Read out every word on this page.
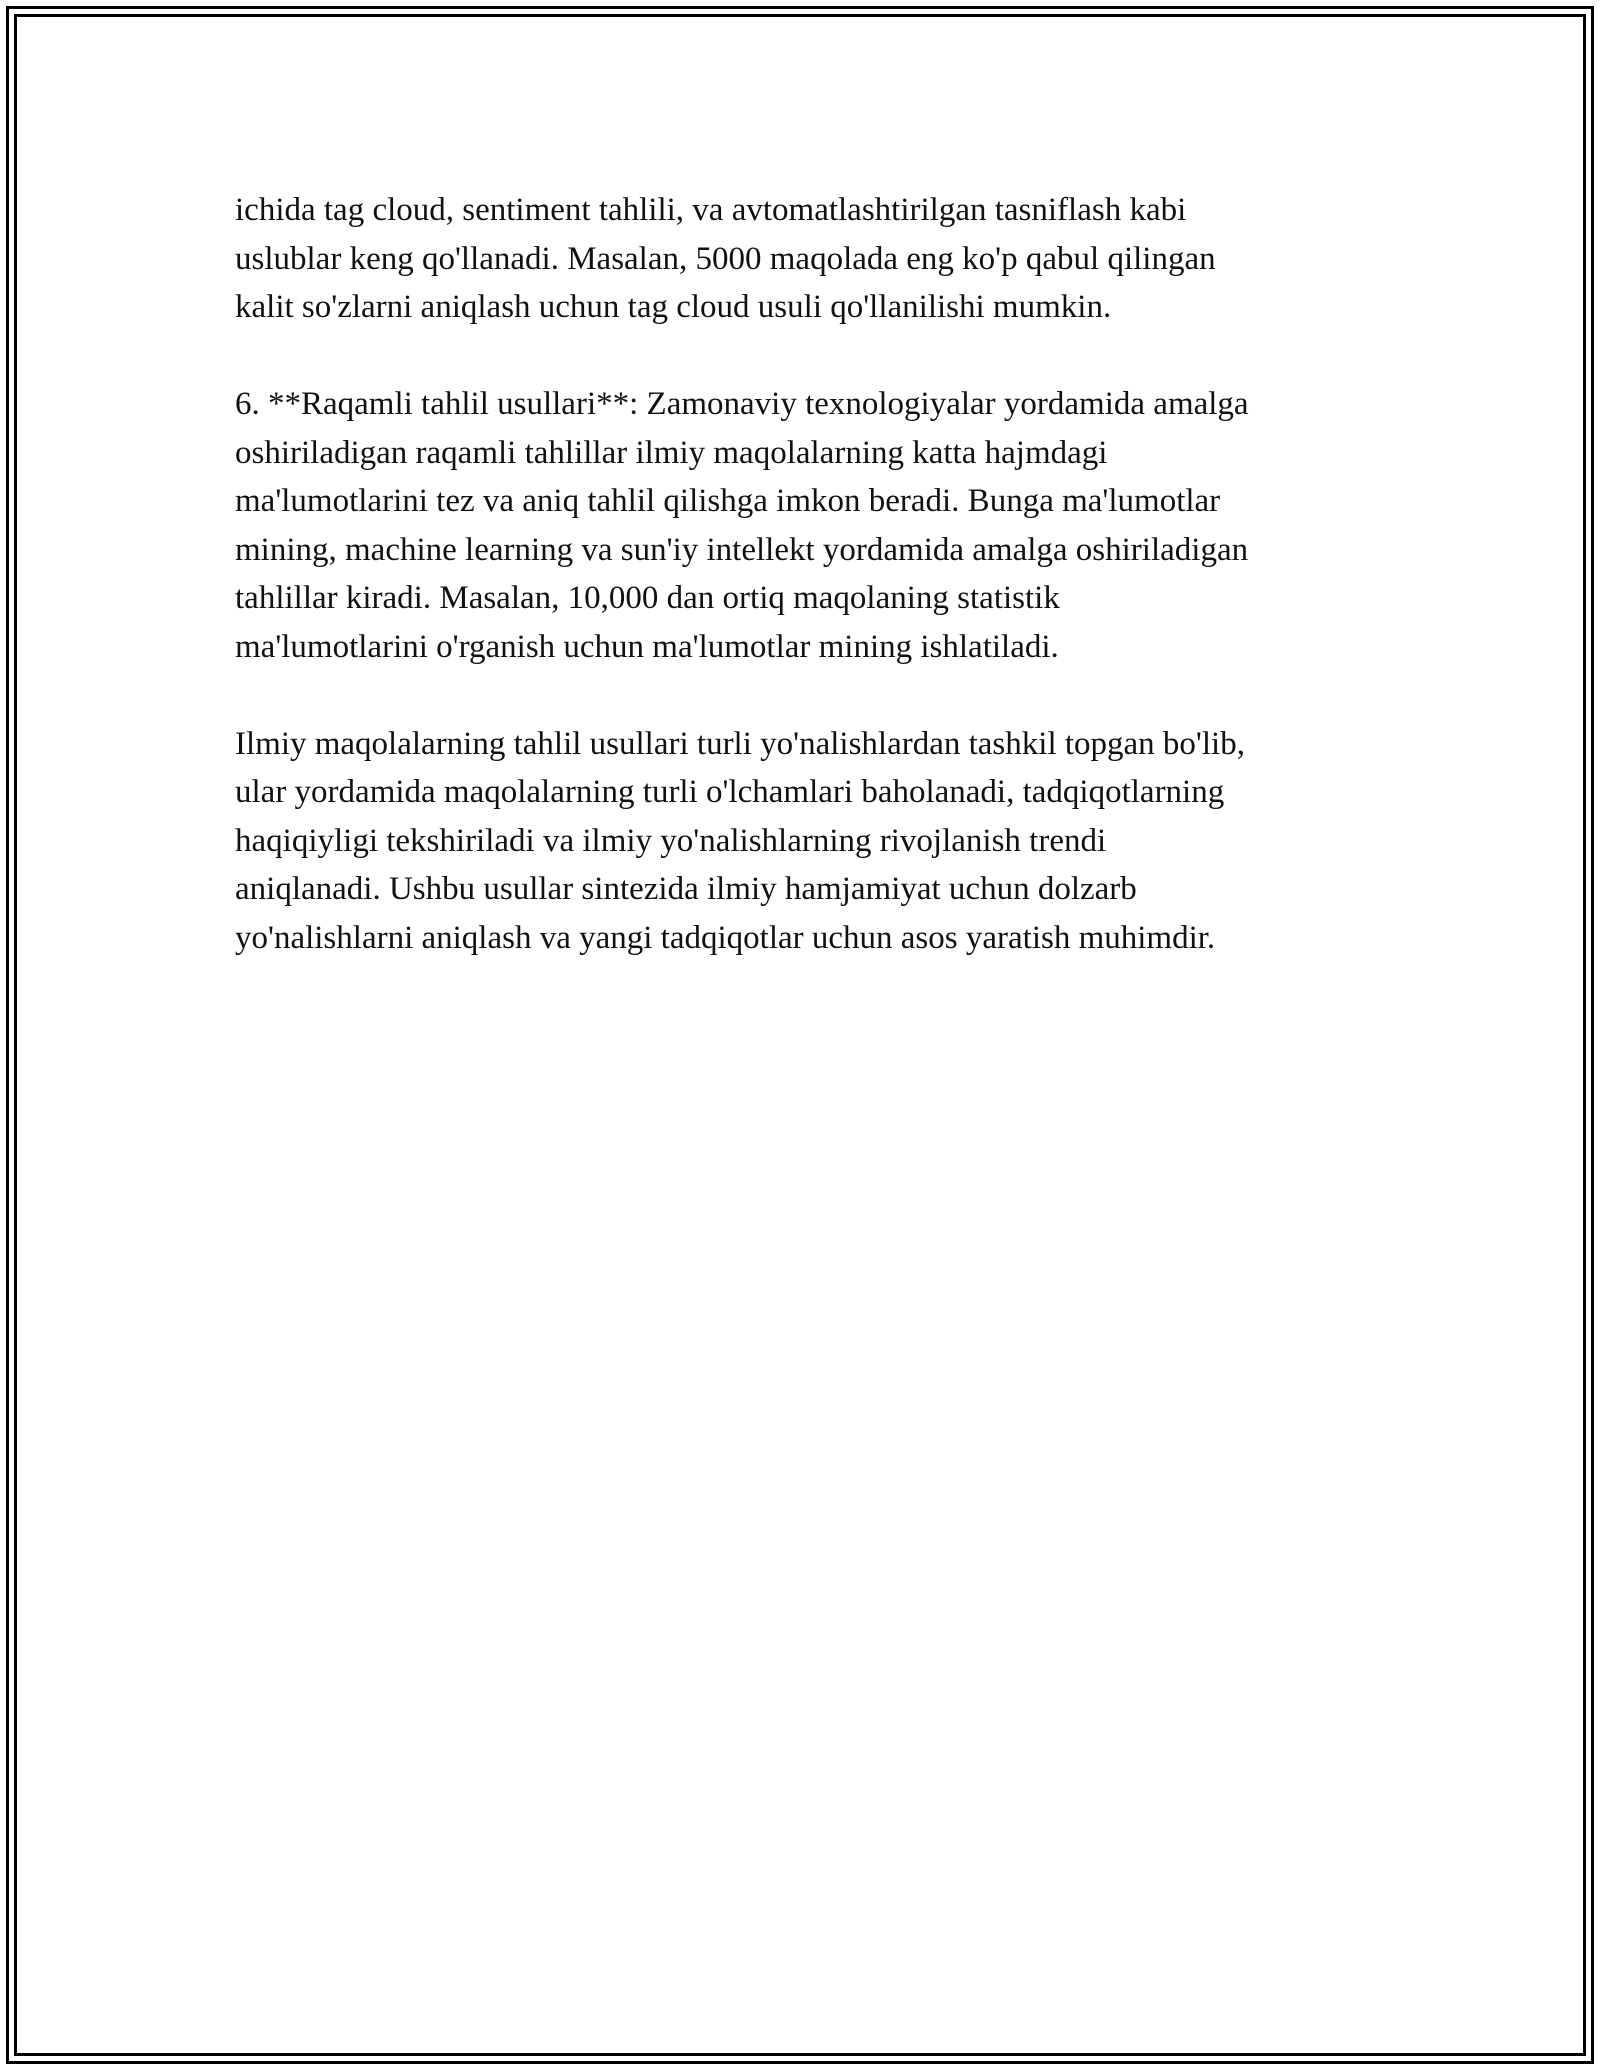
ichida tag cloud, sentiment tahlili, va avtomatlashtirilgan tasniflash kabi
uslublar keng qo'llanadi. Masalan, 5000 maqolada eng ko'p qabul qilingan
kalit so'zlarni aniqlash uchun tag cloud usuli qo'llanilishi mumkin.

6. **Raqamli tahlil usullari**: Zamonaviy texnologiyalar yordamida amalga
oshiriladigan raqamli tahlillar ilmiy maqolalarning katta hajmdagi
ma'lumotlarini tez va aniq tahlil qilishga imkon beradi. Bunga ma'lumotlar
mining, machine learning va sun'iy intellekt yordamida amalga oshiriladigan
tahlillar kiradi. Masalan, 10,000 dan ortiq maqolaning statistik
ma'lumotlarini o'rganish uchun ma'lumotlar mining ishlatiladi.

Ilmiy maqolalarning tahlil usullari turli yo'nalishlardan tashkil topgan bo'lib,
ular yordamida maqolalarning turli o'lchamlari baholanadi, tadqiqotlarning
haqiqiyligi tekshiriladi va ilmiy yo'nalishlarning rivojlanish trendi
aniqlanadi. Ushbu usullar sintezida ilmiy hamjamiyat uchun dolzarb
yo'nalishlarni aniqlash va yangi tadqiqotlar uchun asos yaratish muhimdir.
